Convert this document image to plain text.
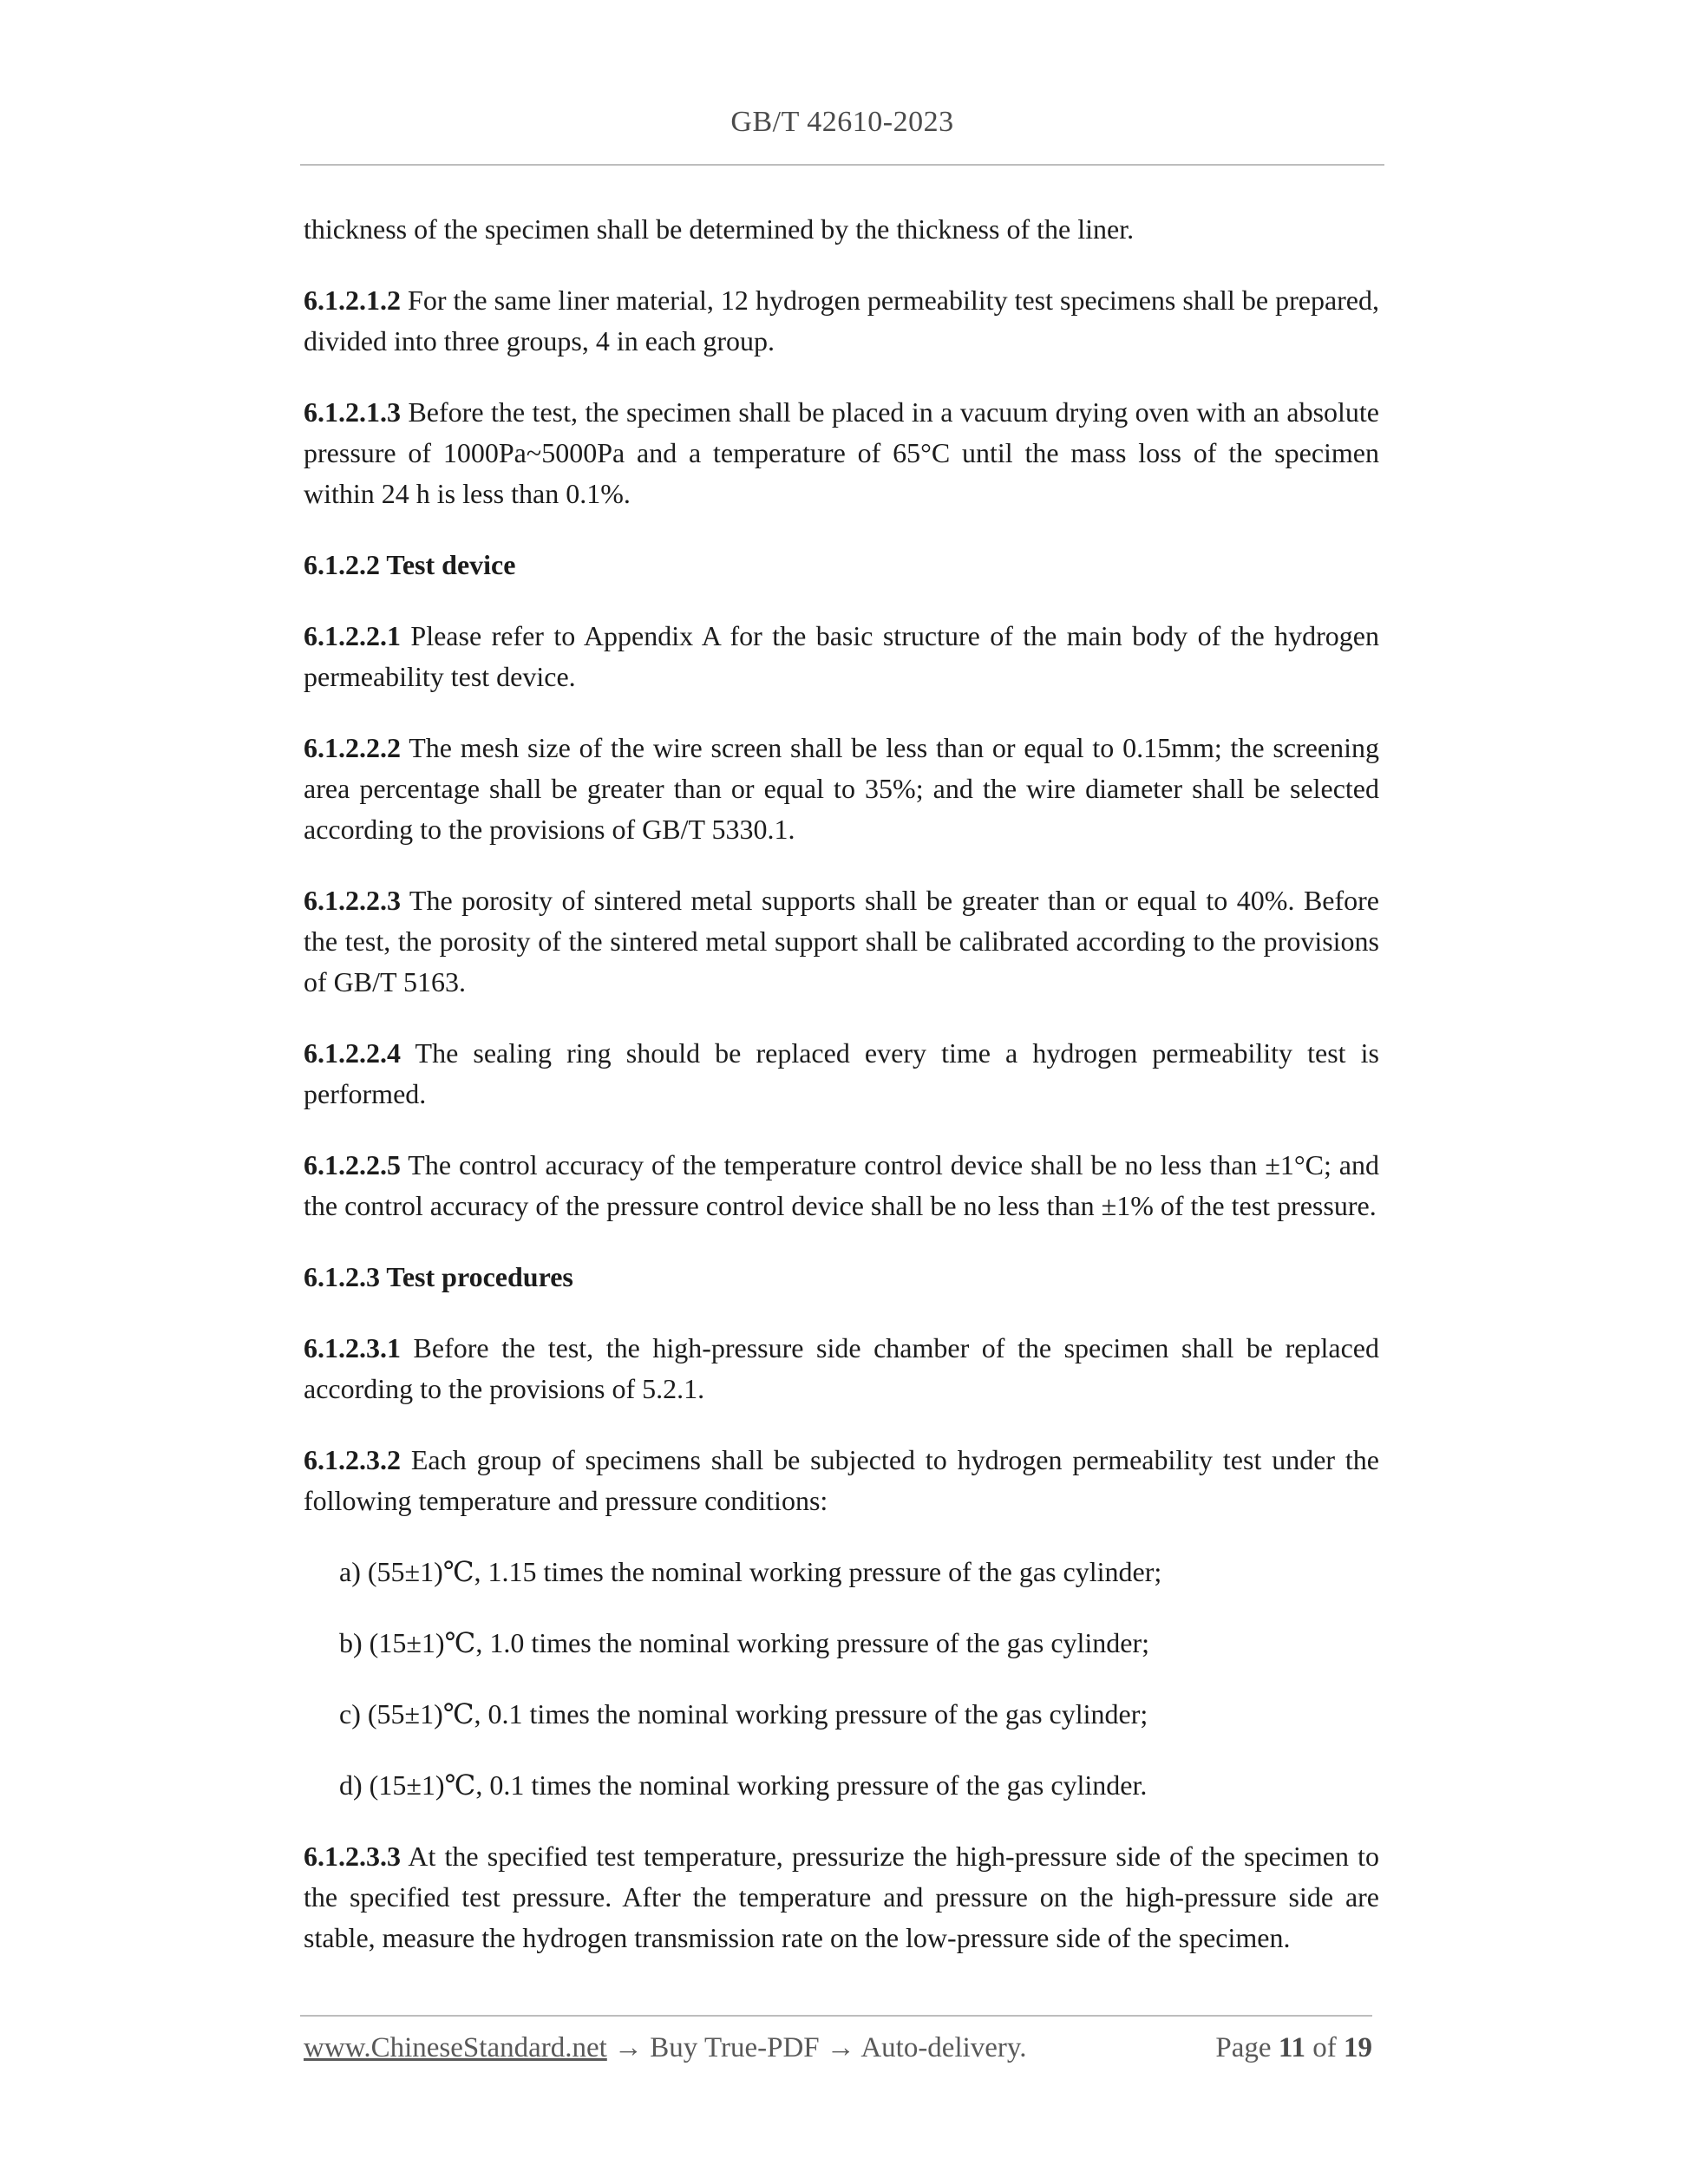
GB/T 42610-2023

thickness of the specimen shall be determined by the thickness of the liner.

6.1.2.1.2 For the same liner material, 12 hydrogen permeability test specimens shall be prepared, divided into three groups, 4 in each group.

6.1.2.1.3 Before the test, the specimen shall be placed in a vacuum drying oven with an absolute pressure of 1000Pa~5000Pa and a temperature of 65°C until the mass loss of the specimen within 24 h is less than 0.1%.

6.1.2.2 Test device

6.1.2.2.1 Please refer to Appendix A for the basic structure of the main body of the hydrogen permeability test device.

6.1.2.2.2 The mesh size of the wire screen shall be less than or equal to 0.15mm; the screening area percentage shall be greater than or equal to 35%; and the wire diameter shall be selected according to the provisions of GB/T 5330.1.

6.1.2.2.3 The porosity of sintered metal supports shall be greater than or equal to 40%. Before the test, the porosity of the sintered metal support shall be calibrated according to the provisions of GB/T 5163.

6.1.2.2.4 The sealing ring should be replaced every time a hydrogen permeability test is performed.

6.1.2.2.5 The control accuracy of the temperature control device shall be no less than ±1°C; and the control accuracy of the pressure control device shall be no less than ±1% of the test pressure.

6.1.2.3 Test procedures

6.1.2.3.1 Before the test, the high-pressure side chamber of the specimen shall be replaced according to the provisions of 5.2.1.

6.1.2.3.2 Each group of specimens shall be subjected to hydrogen permeability test under the following temperature and pressure conditions:

a) (55±1)℃, 1.15 times the nominal working pressure of the gas cylinder;

b) (15±1)℃, 1.0 times the nominal working pressure of the gas cylinder;

c) (55±1)℃, 0.1 times the nominal working pressure of the gas cylinder;

d) (15±1)℃, 0.1 times the nominal working pressure of the gas cylinder.

6.1.2.3.3 At the specified test temperature, pressurize the high-pressure side of the specimen to the specified test pressure. After the temperature and pressure on the high-pressure side are stable, measure the hydrogen transmission rate on the low-pressure side of the specimen.

www.ChineseStandard.net → Buy True-PDF → Auto-delivery.	Page 11 of 19
